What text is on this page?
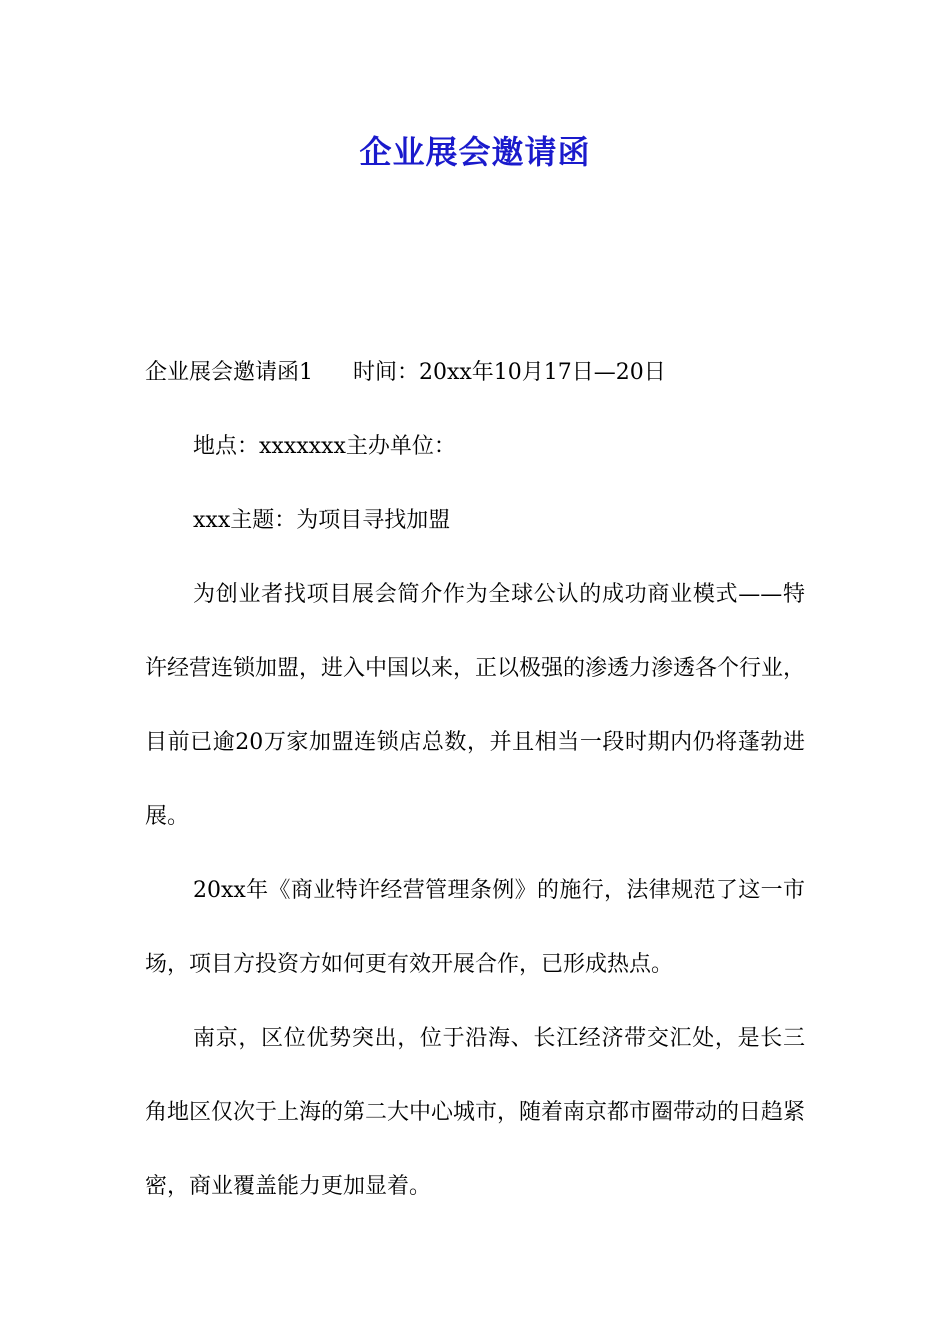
企业展会邀请函

企业展会邀请函1 时间：20xx年10月17日—20日

地点：xxxxxxx主办单位：

xxx主题：为项目寻找加盟

为创业者找项目展会简介作为全球公认的成功商业模式——特许经营连锁加盟，进入中国以来，正以极强的渗透力渗透各个行业，目前已逾20万家加盟连锁店总数，并且相当一段时期内仍将蓬勃进展。

20xx年《商业特许经营管理条例》的施行，法律规范了这一市场，项目方投资方如何更有效开展合作，已形成热点。

南京，区位优势突出，位于沿海、长江经济带交汇处，是长三角地区仅次于上海的第二大中心城市，随着南京都市圈带动的日趋紧密，商业覆盖能力更加显着。
